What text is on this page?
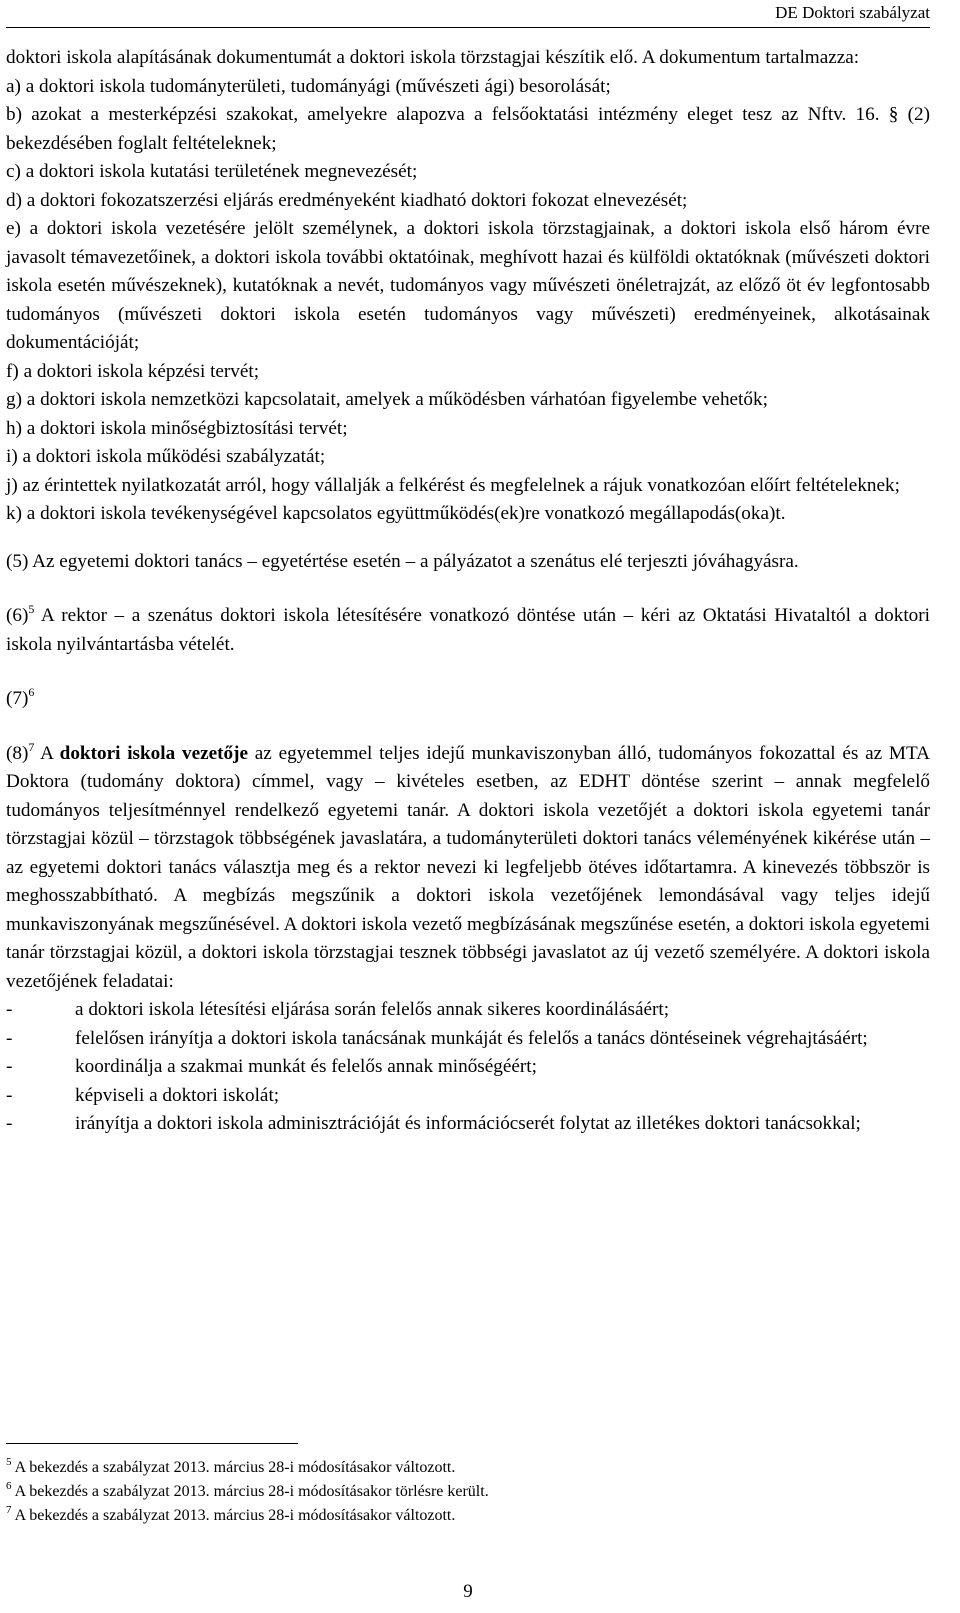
DE Doktori szabályzat

doktori iskola alapításának dokumentumát a doktori iskola törzstagjai készítik elő. A dokumentum tartalmazza:

a) a doktori iskola tudományterületi, tudományági (művészeti ági) besorolását;

b) azokat a mesterképzési szakokat, amelyekre alapozva a felsőoktatási intézmény eleget tesz az Nftv. 16. § (2) bekezdésében foglalt feltételeknek;

c) a doktori iskola kutatási területének megnevezését;

d) a doktori fokozatszerzési eljárás eredményeként kiadható doktori fokozat elnevezését;

e) a doktori iskola vezetésére jelölt személynek, a doktori iskola törzstagjainak, a doktori iskola első három évre javasolt témavezetőinek, a doktori iskola további oktatóinak, meghívott hazai és külföldi oktatóknak (művészeti doktori iskola esetén művészeknek), kutatóknak a nevét, tudományos vagy művészeti önéletrajzát, az előző öt év legfontosabb tudományos (művészeti doktori iskola esetén tudományos vagy művészeti) eredményeinek, alkotásainak dokumentációját;

f) a doktori iskola képzési tervét;

g) a doktori iskola nemzetközi kapcsolatait, amelyek a működésben várhatóan figyelembe vehetők;

h) a doktori iskola minőségbiztosítási tervét;

i) a doktori iskola működési szabályzatát;

j) az érintettek nyilatkozatát arról, hogy vállalják a felkérést és megfelelnek a rájuk vonatkozóan előírt feltételeknek;

k) a doktori iskola tevékenységével kapcsolatos együttműködés(ek)re vonatkozó megállapodás(oka)t.

(5) Az egyetemi doktori tanács – egyetértése esetén – a pályázatot a szenátus elé terjeszti jóváhagyásra.

$(6)^5$ A rektor – a szenátus doktori iskola létesítésére vonatkozó döntése után – kéri az Oktatási Hivataltól a doktori iskola nyilvántartásba vételét.

$(7)^6$

$(8)^7$ A doktori iskola vezetője az egyetemmel teljes idejű munkaviszonyban álló, tudományos fokozattal és az MTA Doktora (tudomány doktora) címmel, vagy – kivételes esetben, az EDHT döntése szerint – annak megfelelő tudományos teljesítménnyel rendelkező egyetemi tanár. A doktori iskola vezetőjét a doktori iskola egyetemi tanár törzstagjai közül – törzstagok többségének javaslatára, a tudományterületi doktori tanács véleményének kikérése után – az egyetemi doktori tanács választja meg és a rektor nevezi ki legfeljebb ötéves időtartamra. A kinevezés többször is meghosszabbítható. A megbízás megszűnik a doktori iskola vezetőjének lemondásával vagy teljes idejű munkaviszonyának megszűnésével. A doktori iskola vezető megbízásának megszűnése esetén, a doktori iskola egyetemi tanár törzstagjai közül, a doktori iskola törzstagjai tesznek többségi javaslatot az új vezető személyére. A doktori iskola vezetőjének feladatai:

-	a doktori iskola létesítési eljárása során felelős annak sikeres koordinálásáért;
-	felelősen irányítja a doktori iskola tanácsának munkáját és felelős a tanács döntéseinek végrehajtásáért;
-	koordinálja a szakmai munkát és felelős annak minőségéért;
-	képviseli a doktori iskolát;
-	irányítja a doktori iskola adminisztrációját és információcserét folytat az illetékes doktori tanácsokkal;

$^5$ A bekezdés a szabályzat 2013. március 28-i módosításakor változott.

$^6$ A bekezdés a szabályzat 2013. március 28-i módosításakor törlésre került.

$^7$ A bekezdés a szabályzat 2013. március 28-i módosításakor változott.

9
